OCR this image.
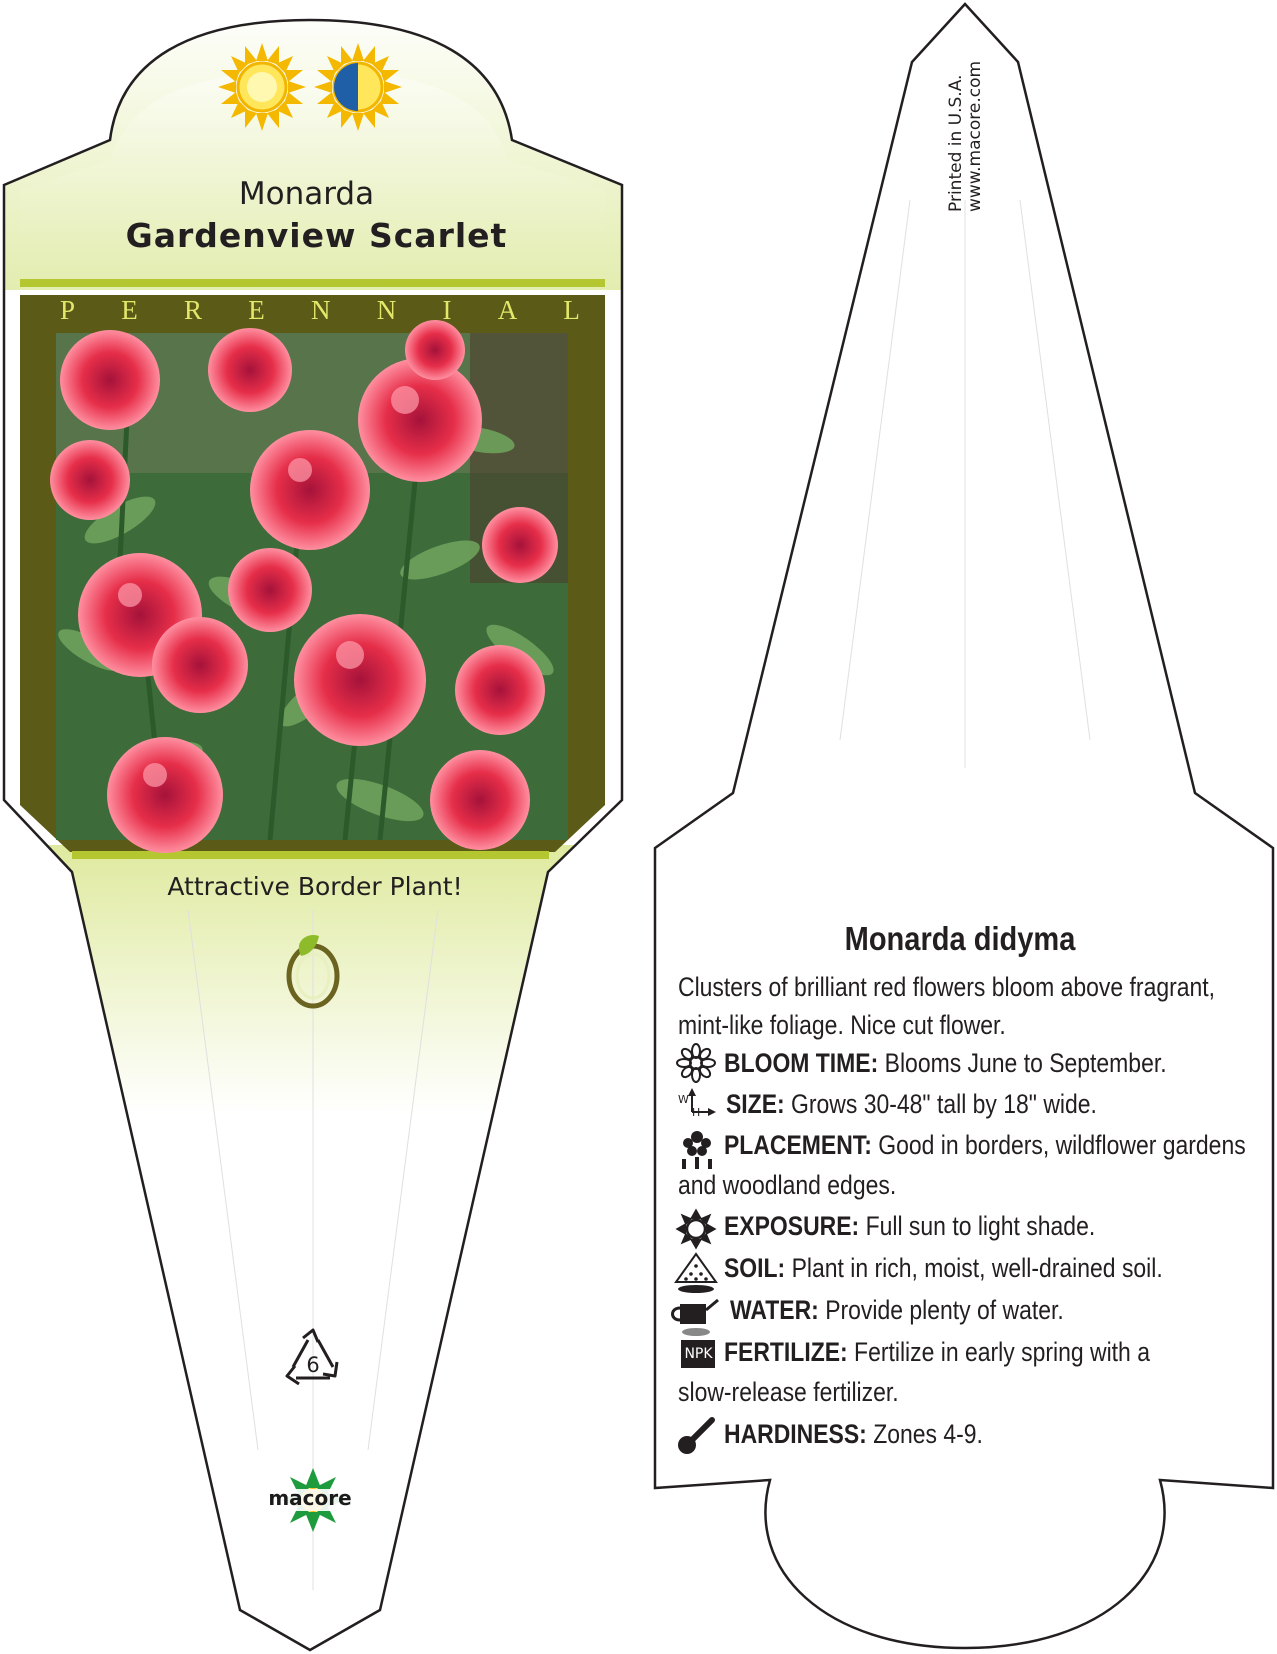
Monarda
Gardenview Scarlet
P E R E N N I A L
Attractive Border Plant!
6
macore
Printed in U.S.A. www.macore.com
Monarda didyma
Clusters of brilliant red flowers bloom above fragrant,
mint-like foliage. Nice cut flower.
BLOOM TIME: Blooms June to September.
W
H SIZE: Grows 30-48" tall by 18" wide.
PLACEMENT: Good in borders, wildflower gardens
and woodland edges.
EXPOSURE: Full sun to light shade.
SOIL: Plant in rich, moist, well-drained soil.
WATER: Provide plenty of water.
NPK FERTILIZE: Fertilize in early spring with a
slow-release fertilizer.
HARDINESS: Zones 4-9.
